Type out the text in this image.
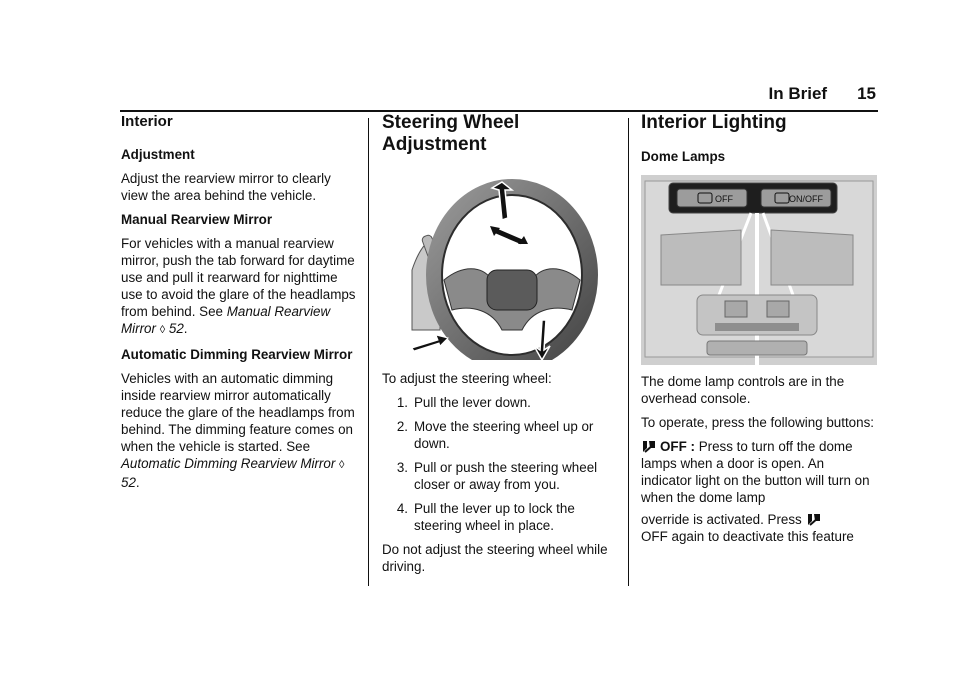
In Brief 15
Interior

Adjustment

Adjust the rearview mirror to clearly view the area behind the vehicle.

Manual Rearview Mirror

For vehicles with a manual rearview mirror, push the tab forward for daytime use and pull it rearward for nighttime use to avoid the glare of the headlamps from behind. See Manual Rearview Mirror ◊ 52.

Automatic Dimming Rearview Mirror

Vehicles with an automatic dimming inside rearview mirror automatically reduce the glare of the headlamps from behind. The dimming feature comes on when the vehicle is started. See Automatic Dimming Rearview Mirror ◊ 52.

Steering Wheel
Adjustment

To adjust the steering wheel:

1. Pull the lever down.
2. Move the steering wheel up or down.
3. Pull or push the steering wheel closer or away from you.
4. Pull the lever up to lock the steering wheel in place.

Do not adjust the steering wheel while driving.

Interior Lighting

Dome Lamps

OFF	ON/OFF

The dome lamp controls are in the overhead console.

To operate, press the following buttons:

OFF : Press to turn off the dome lamps when a door is open. An indicator light on the button will turn on when the dome lamp

override is activated. Press
OFF again to deactivate this feature
